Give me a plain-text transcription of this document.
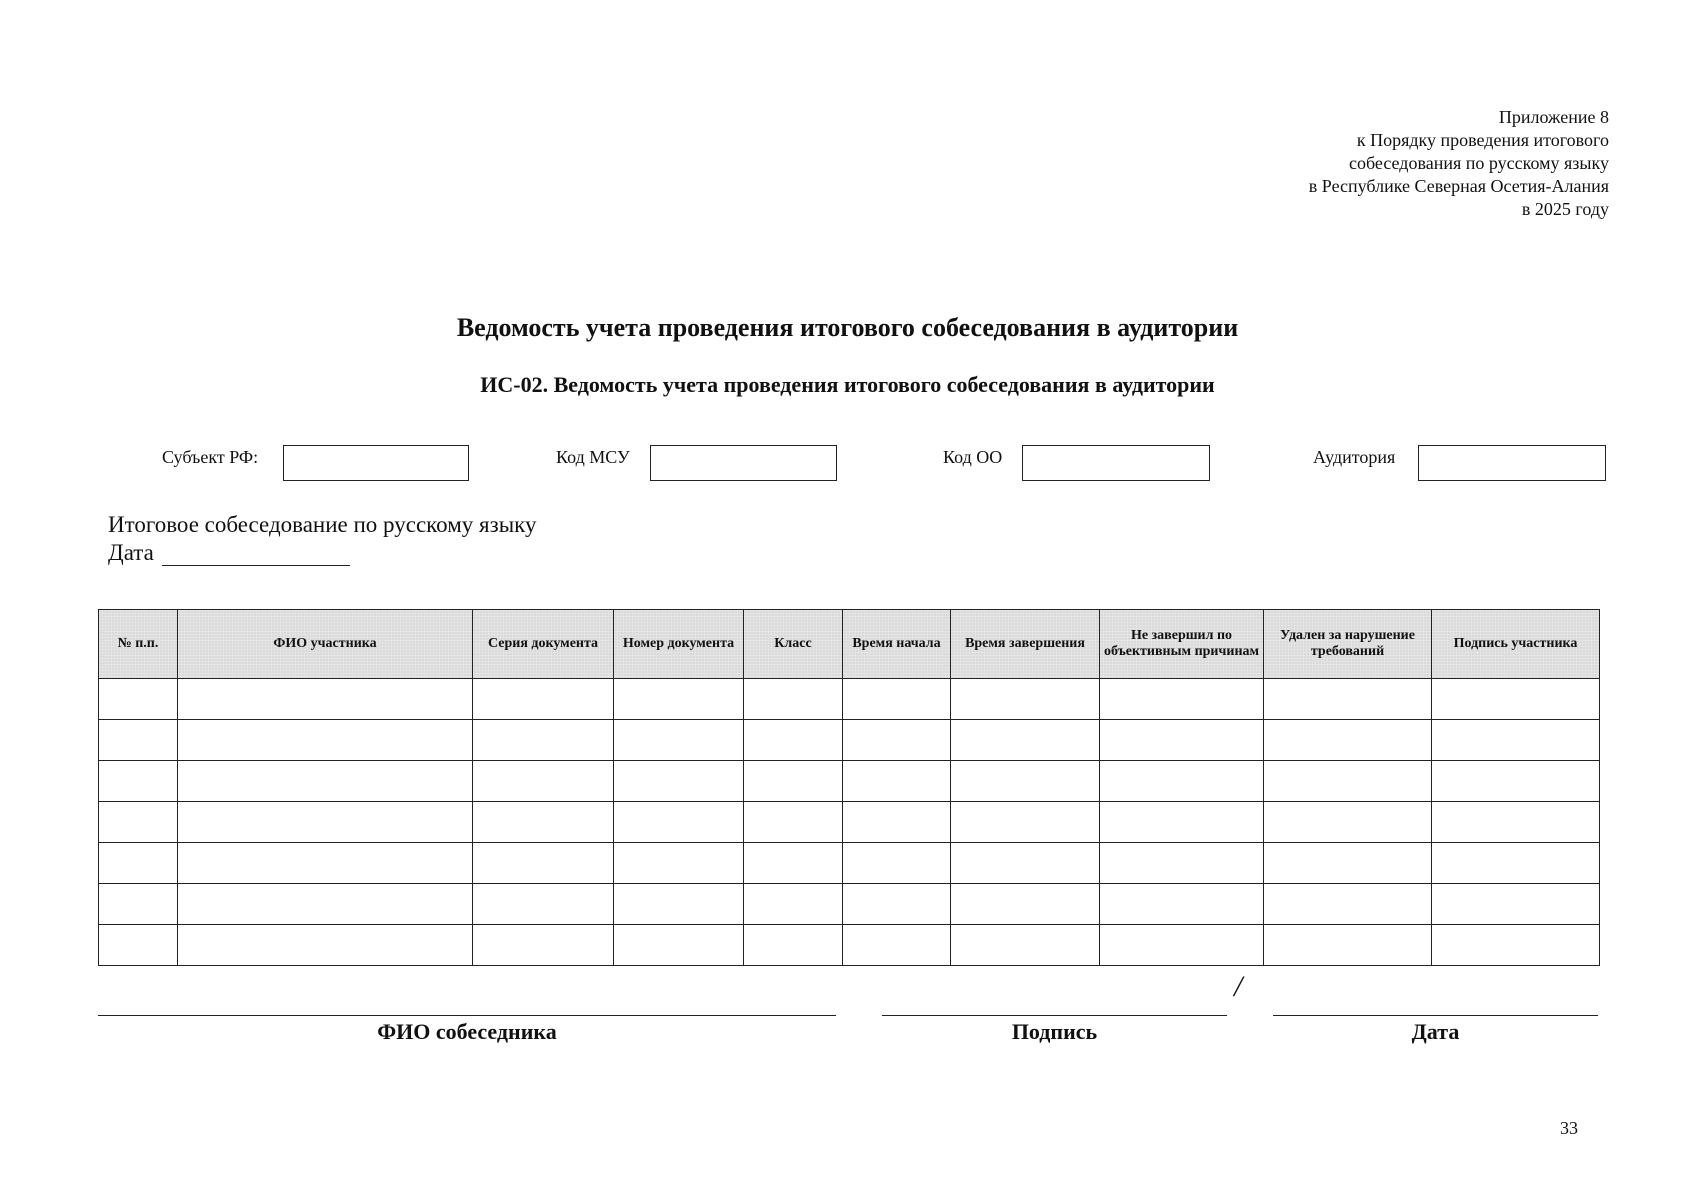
Приложение 8
к Порядку проведения итогового
собеседования по русскому языку
в Республике Северная Осетия-Алания
в 2025 году
Ведомость учета проведения итогового собеседования в аудитории
ИС-02. Ведомость учета проведения итогового собеседования в аудитории
Субъект РФ:	Код МСУ	Код ОО	Аудитория
Итоговое собеседование по русскому языку
Дата
№ п.п.	ФИО участника	Серия документа	Номер документа	Класс	Время начала	Время завершения	Не завершил по объективным причинам	Удален за нарушение требований	Подпись участника

/
ФИО собеседника	Подпись	Дата
33
